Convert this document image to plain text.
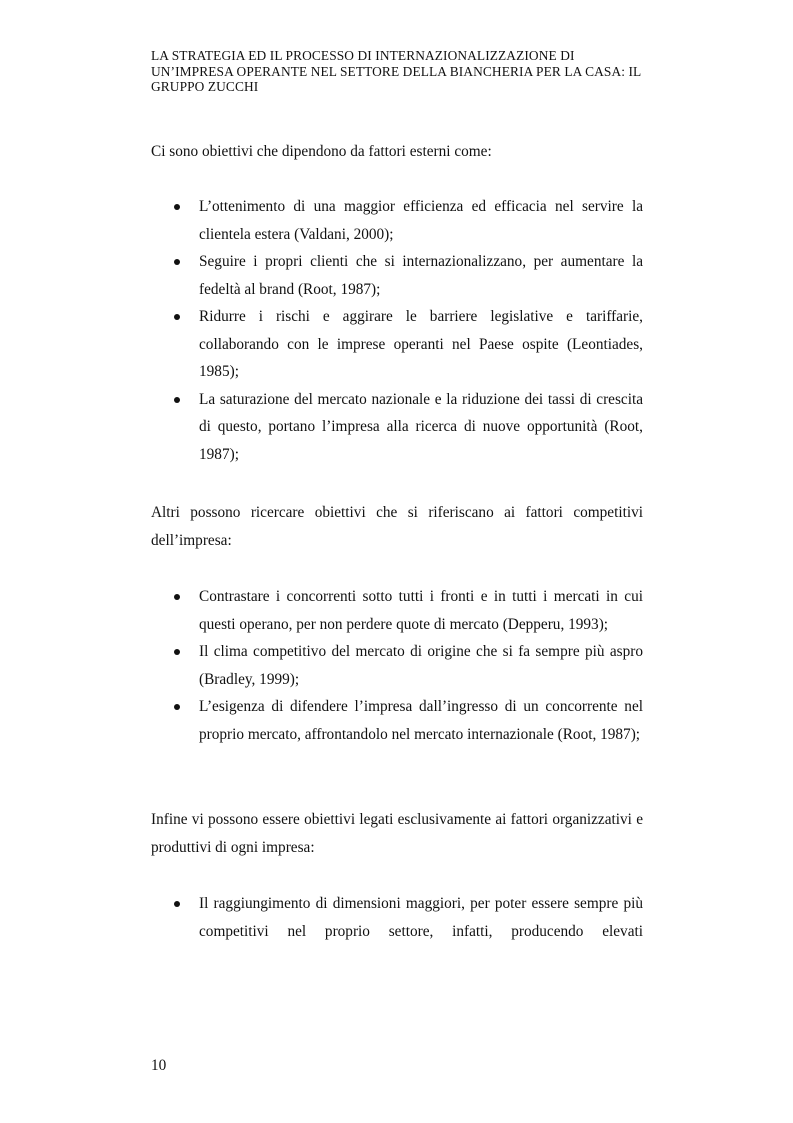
LA STRATEGIA ED IL PROCESSO DI INTERNAZIONALIZZAZIONE DI UN’IMPRESA OPERANTE NEL SETTORE DELLA BIANCHERIA PER LA CASA: IL GRUPPO ZUCCHI

Ci sono obiettivi che dipendono da fattori esterni come:

L’ottenimento di una maggior efficienza ed efficacia nel servire la clientela estera (Valdani, 2000);
Seguire i propri clienti che si internazionalizzano, per aumentare la fedeltà al brand (Root, 1987);
Ridurre i rischi e aggirare le barriere legislative e tariffarie, collaborando con le imprese operanti nel Paese ospite (Leontiades, 1985);
La saturazione del mercato nazionale e la riduzione dei tassi di crescita di questo, portano l’impresa alla ricerca di nuove opportunità (Root, 1987);

Altri possono ricercare obiettivi che si riferiscano ai fattori competitivi dell’impresa:

Contrastare i concorrenti sotto tutti i fronti e in tutti i mercati in cui questi operano, per non perdere quote di mercato (Depperu, 1993);
Il clima competitivo del mercato di origine che si fa sempre più aspro (Bradley, 1999);
L’esigenza di difendere l’impresa dall’ingresso di un concorrente nel proprio mercato, affrontandolo nel mercato internazionale (Root, 1987);

Infine vi possono essere obiettivi legati esclusivamente ai fattori organizzativi e produttivi di ogni impresa:

Il raggiungimento di dimensioni maggiori, per poter essere sempre più competitivi nel proprio settore, infatti, producendo elevati
10
